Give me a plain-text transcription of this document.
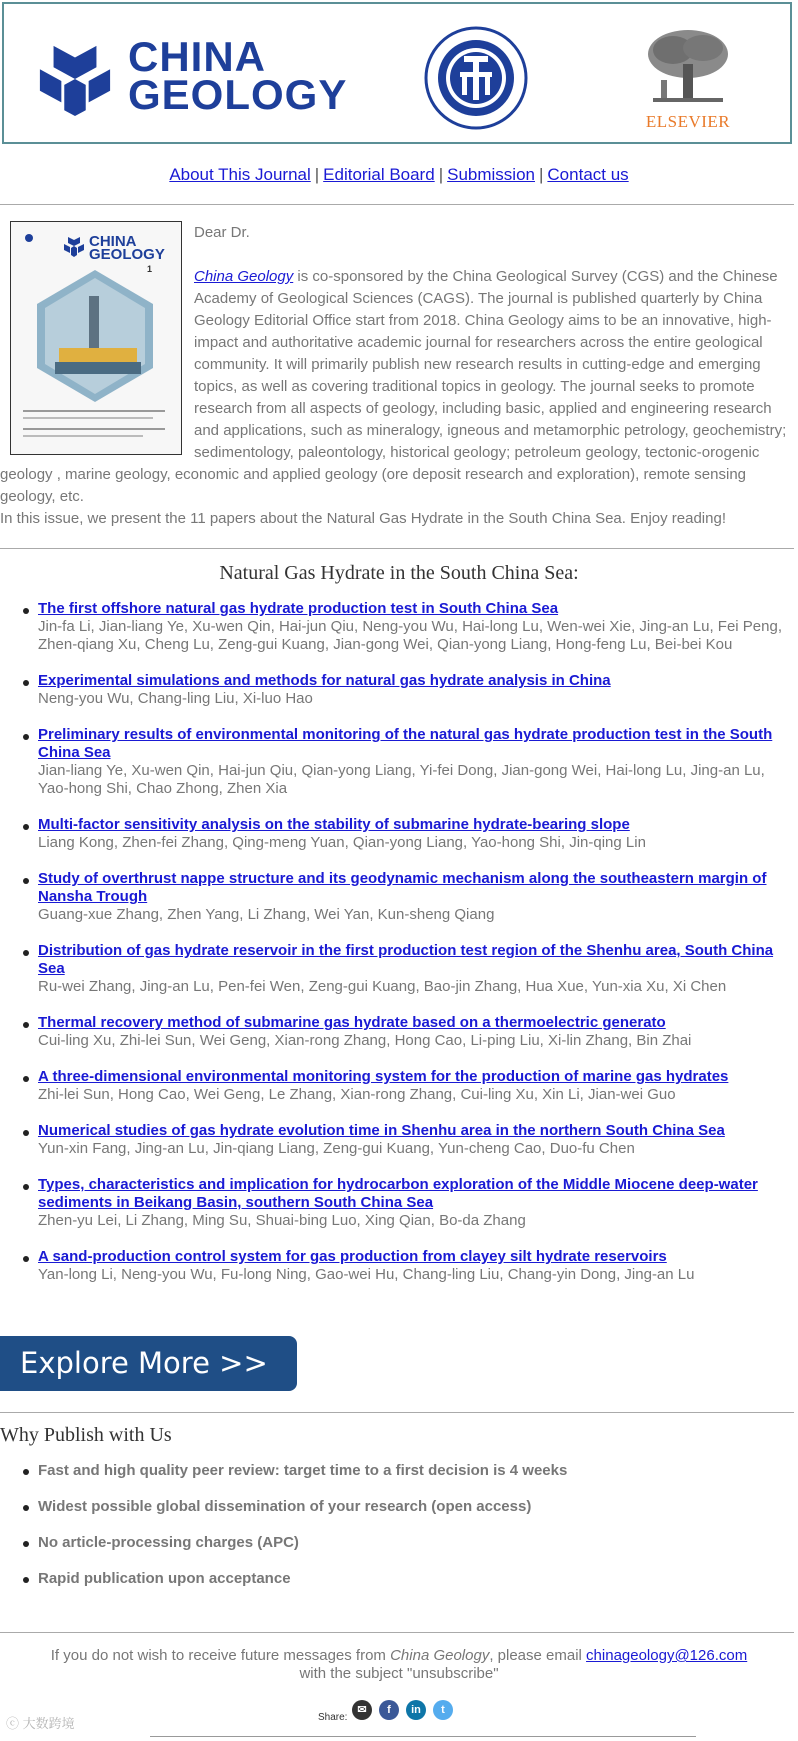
CHINA
GEOLOGY
ELSEVIER
About This Journal | Editorial Board | Submission | Contact us
CHINA
GEOLOGY
1

Dear Dr.

China Geology is co-sponsored by the China Geological Survey (CGS) and the Chinese Academy of Geological Sciences (CAGS). The journal is published quarterly by China Geology Editorial Office start from 2018. China Geology aims to be an innovative, high-impact and authoritative academic journal for researchers across the entire geological community. It will primarily publish new research results in cutting-edge and emerging topics, as well as covering traditional topics in geology. The journal seeks to promote research from all aspects of geology, including basic, applied and engineering research and applications, such as mineralogy, igneous and metamorphic petrology, geochemistry; sedimentology, paleontology, historical geology; petroleum geology, tectonic-orogenic geology , marine geology, economic and applied geology (ore deposit research and exploration), remote sensing geology, etc.
In this issue, we present the 11 papers about the Natural Gas Hydrate in the South China Sea. Enjoy reading!

Natural Gas Hydrate in the South China Sea:
The first offshore natural gas hydrate production test in South China Sea
Jin-fa Li, Jian-liang Ye, Xu-wen Qin, Hai-jun Qiu, Neng-you Wu, Hai-long Lu, Wen-wei Xie, Jing-an Lu, Fei Peng, Zhen-qiang Xu, Cheng Lu, Zeng-gui Kuang, Jian-gong Wei, Qian-yong Liang, Hong-feng Lu, Bei-bei Kou
Experimental simulations and methods for natural gas hydrate analysis in China
Neng-you Wu, Chang-ling Liu, Xi-luo Hao
Preliminary results of environmental monitoring of the natural gas hydrate production test in the South China Sea
Jian-liang Ye, Xu-wen Qin, Hai-jun Qiu, Qian-yong Liang, Yi-fei Dong, Jian-gong Wei, Hai-long Lu, Jing-an Lu, Yao-hong Shi, Chao Zhong, Zhen Xia
Multi-factor sensitivity analysis on the stability of submarine hydrate-bearing slope
Liang Kong, Zhen-fei Zhang, Qing-meng Yuan, Qian-yong Liang, Yao-hong Shi, Jin-qing Lin
Study of overthrust nappe structure and its geodynamic mechanism along the southeastern margin of Nansha Trough
Guang-xue Zhang, Zhen Yang, Li Zhang, Wei Yan, Kun-sheng Qiang
Distribution of gas hydrate reservoir in the first production test region of the Shenhu area, South China Sea
Ru-wei Zhang, Jing-an Lu, Pen-fei Wen, Zeng-gui Kuang, Bao-jin Zhang, Hua Xue, Yun-xia Xu, Xi Chen
Thermal recovery method of submarine gas hydrate based on a thermoelectric generato
Cui-ling Xu, Zhi-lei Sun, Wei Geng, Xian-rong Zhang, Hong Cao, Li-ping Liu, Xi-lin Zhang, Bin Zhai
A three-dimensional environmental monitoring system for the production of marine gas hydrates
Zhi-lei Sun, Hong Cao, Wei Geng, Le Zhang, Xian-rong Zhang, Cui-ling Xu, Xin Li, Jian-wei Guo
Numerical studies of gas hydrate evolution time in Shenhu area in the northern South China Sea
Yun-xin Fang, Jing-an Lu, Jin-qiang Liang, Zeng-gui Kuang, Yun-cheng Cao, Duo-fu Chen
Types, characteristics and implication for hydrocarbon exploration of the Middle Miocene deep-water sediments in Beikang Basin, southern South China Sea
Zhen-yu Lei, Li Zhang, Ming Su, Shuai-bing Luo, Xing Qian, Bo-da Zhang
A sand-production control system for gas production from clayey silt hydrate reservoirs
Yan-long Li, Neng-you Wu, Fu-long Ning, Gao-wei Hu, Chang-ling Liu, Chang-yin Dong, Jing-an Lu
Explore More >>
Why Publish with Us
Fast and high quality peer review: target time to a first decision is 4 weeks
Widest possible global dissemination of your research (open access)
No article-processing charges (APC)
Rapid publication upon acceptance
If you do not wish to receive future messages from China Geology, please email chinageology@126.com
with the subject "unsubscribe"
Share:
✉	f	in	t
ⓒ 大数跨境
